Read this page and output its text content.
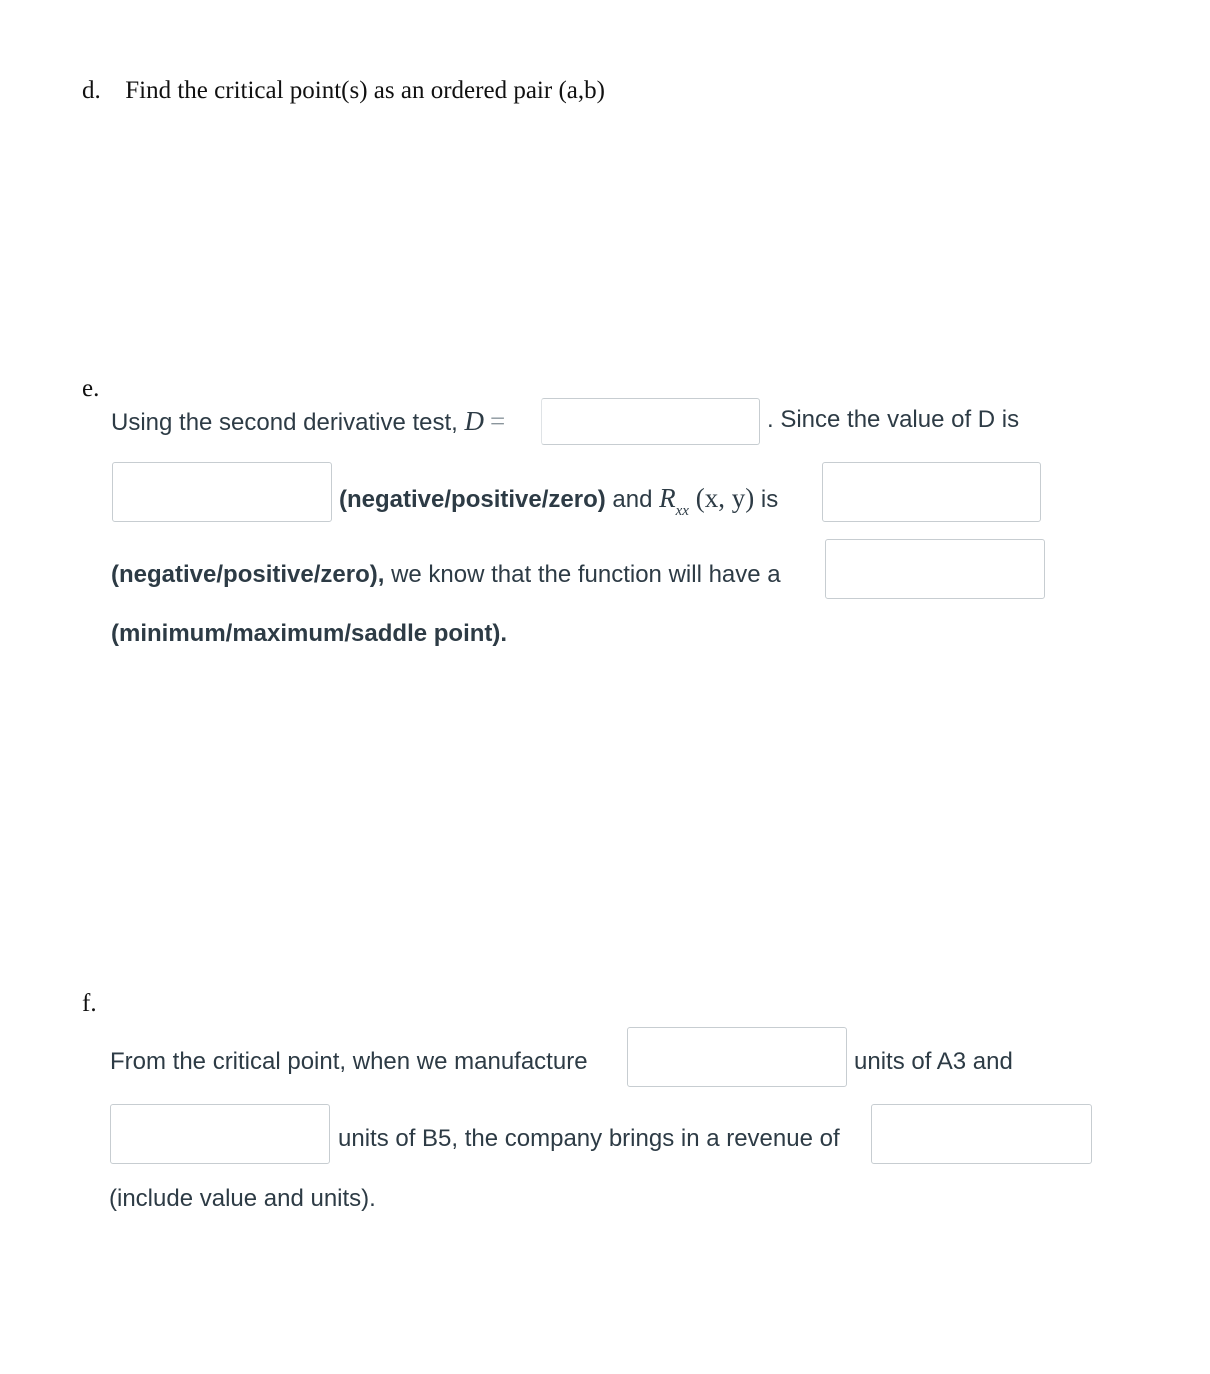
d. Find the critical point(s) as an ordered pair (a,b)
e.
Using the second derivative test, D =	. Since the value of D is
(negative/positive/zero) and $R_{xx}$ (x, y) is
(negative/positive/zero), we know that the function will have a
(minimum/maximum/saddle point).
f.
From the critical point, when we manufacture	units of A3 and
units of B5, the company brings in a revenue of
(include value and units).
